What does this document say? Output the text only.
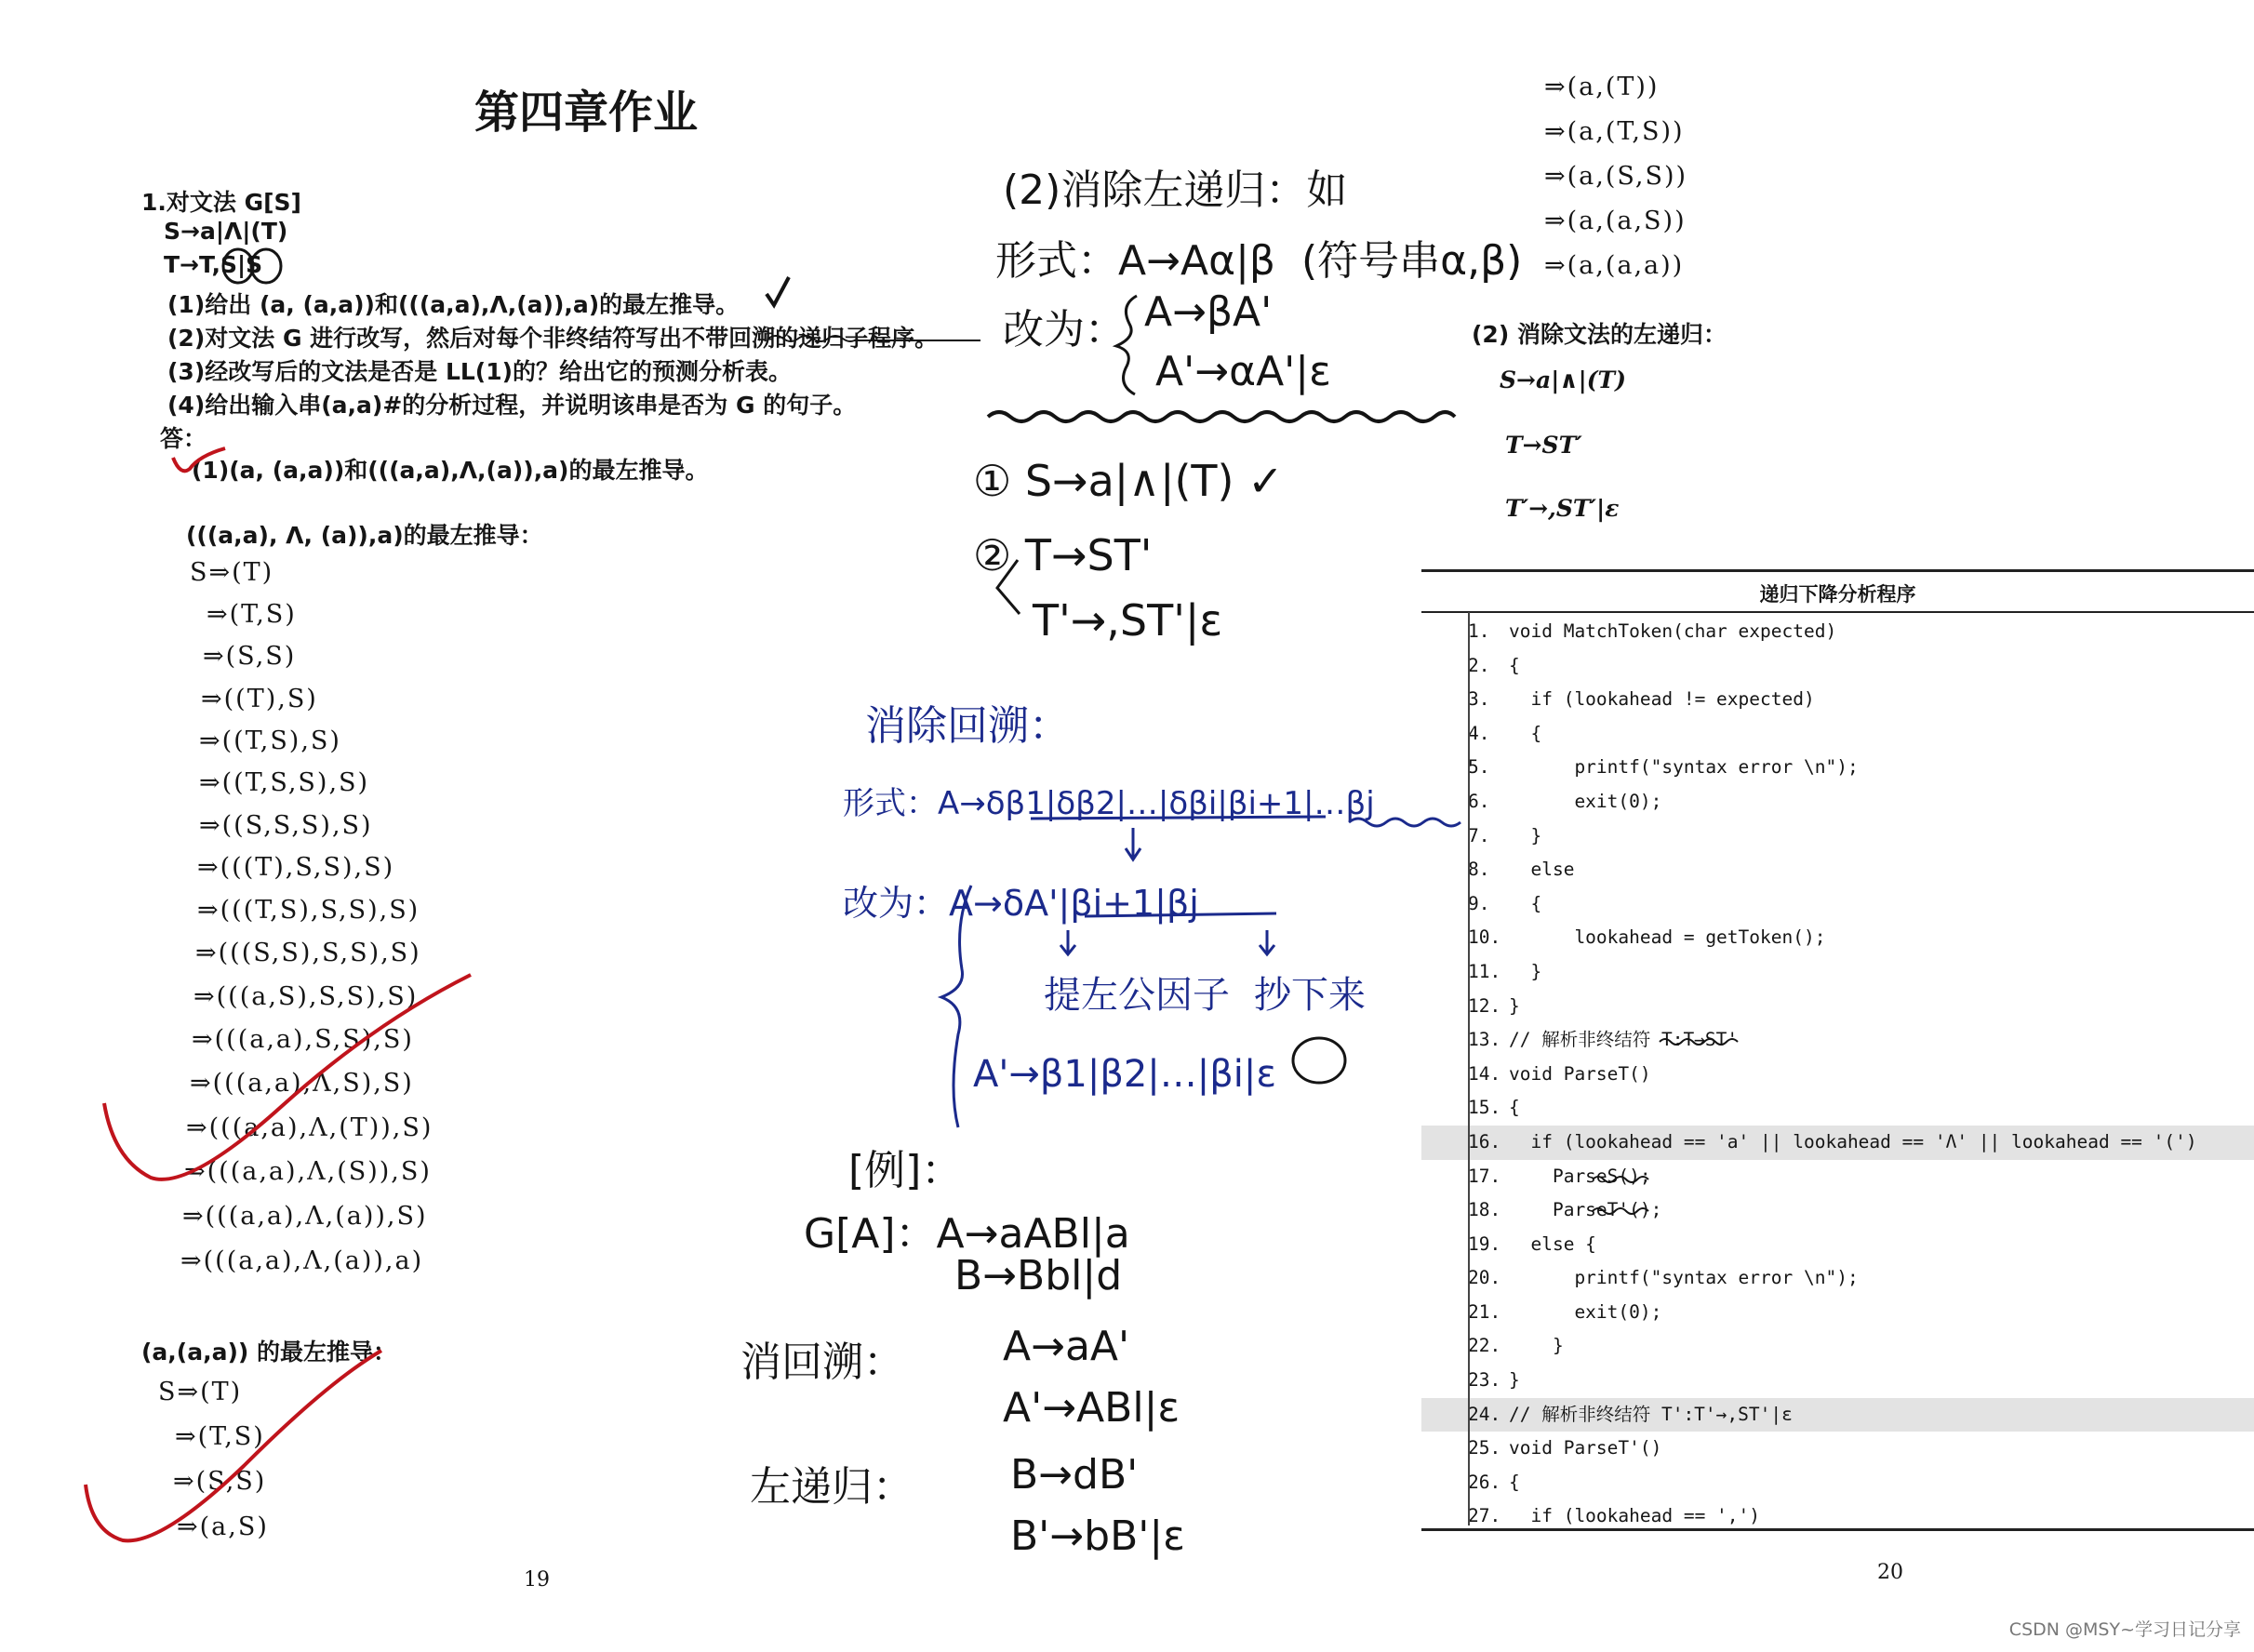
第四章作业
1.对文法 G[S]
S→a|Λ|(T)
T→T,S|S
(1)给出 (a, (a,a))和(((a,a),Λ,(a)),a)的最左推导。
(2)对文法 G 进行改写，然后对每个非终结符写出不带回溯的递归子程序。
(3)经改写后的文法是否是 LL(1)的？给出它的预测分析表。
(4)给出输入串(a,a)#的分析过程，并说明该串是否为 G 的句子。
答：
(1)(a, (a,a))和(((a,a),Λ,(a)),a)的最左推导。
(((a,a), Λ, (a)),a)的最左推导：
S⇒(T)
⇒(T,S)
⇒(S,S)
⇒((T),S)
⇒((T,S),S)
⇒((T,S,S),S)
⇒((S,S,S),S)
⇒(((T),S,S),S)
⇒(((T,S),S,S),S)
⇒(((S,S),S,S),S)
⇒(((a,S),S,S),S)
⇒(((a,a),S,S),S)
⇒(((a,a),Λ,S),S)
⇒(((a,a),Λ,(T)),S)
⇒(((a,a),Λ,(S)),S)
⇒(((a,a),Λ,(a)),S)
⇒(((a,a),Λ,(a)),a)
(a,(a,a)) 的最左推导：
S⇒(T)
⇒(T,S)
⇒(S,S)
⇒(a,S)
19
⇒(a,(T))
⇒(a,(T,S))
⇒(a,(S,S))
⇒(a,(a,S))
⇒(a,(a,a))
(2) 消除文法的左递归：
S→a|∧|(T)
T→ST′
T′→,ST′|ε
递归下降分析程序
1.	void MatchToken(char expected)
2.	{
3.	if (lookahead != expected)
4.	{
5.	printf("syntax error \n");
6.	exit(0);
7.	}
8.	else
9.	{
10. lookahead = getToken();
11. }
12. }
13. // 解析非终结符 T:T→ST'
14. void ParseT()
15. {
16. if (lookahead == 'a' || lookahead == 'Λ' || lookahead == '(')
17. ParseS();
18. ParseT'();
19. else {
20. printf("syntax error \n");
21. exit(0);
22. }
23. }
24. // 解析非终结符 T':T'→,ST'|ε
25. void ParseT'()
26. {
27. if (lookahead == ',')
20
(2)消除左递归：如
形式：A→Aα|β  (符号串α,β)
改为： A→βA'
A'→αA'|ε
① S→a|∧|(T) ✓
② T→ST'
T'→,ST'|ε
消除回溯：
形式：A→δβ1|δβ2|…|δβi|βi+1|…βj
改为：A→δA'|βi+1|βj
提左公因子 抄下来
A'→β1|β2|…|βi|ε
[例]：
G[A]：A→aABl|a
B→Bbl|d
消回溯： A→aA'
A'→ABl|ε
左递归： B→dB'
B'→bB'|ε
CSDN @MSY~学习日记分享
